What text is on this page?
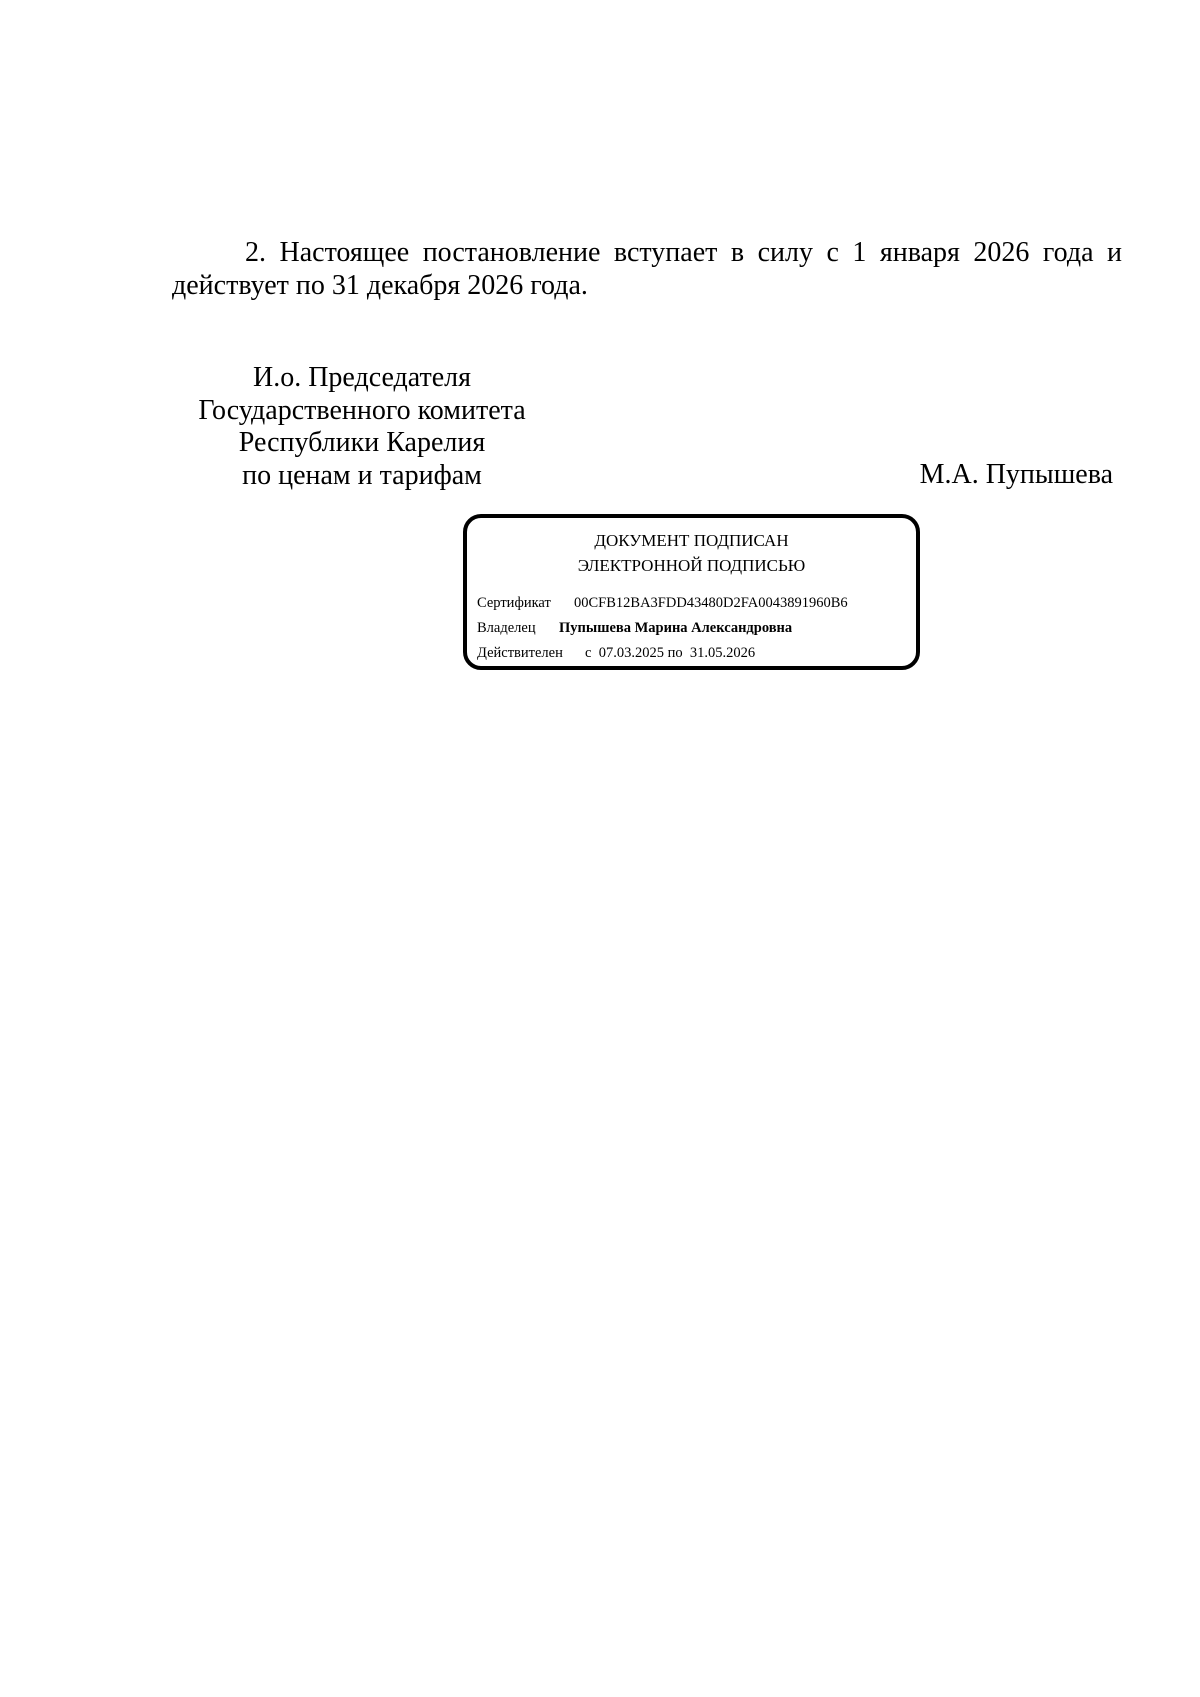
2. Настоящее постановление вступает в силу с 1 января 2026 года и действует по 31 декабря 2026 года.

И.о. Председателя
Государственного комитета
Республики Карелия
по ценам и тарифам	М.А. Пупышева
ДОКУМЕНТ ПОДПИСАН
ЭЛЕКТРОННОЙ ПОДПИСЬЮ
Сертификат 00CFB12BA3FDD43480D2FA0043891960B6
Владелец Пупышева Марина Александровна
Действителен с 07.03.2025 по 31.05.2026
